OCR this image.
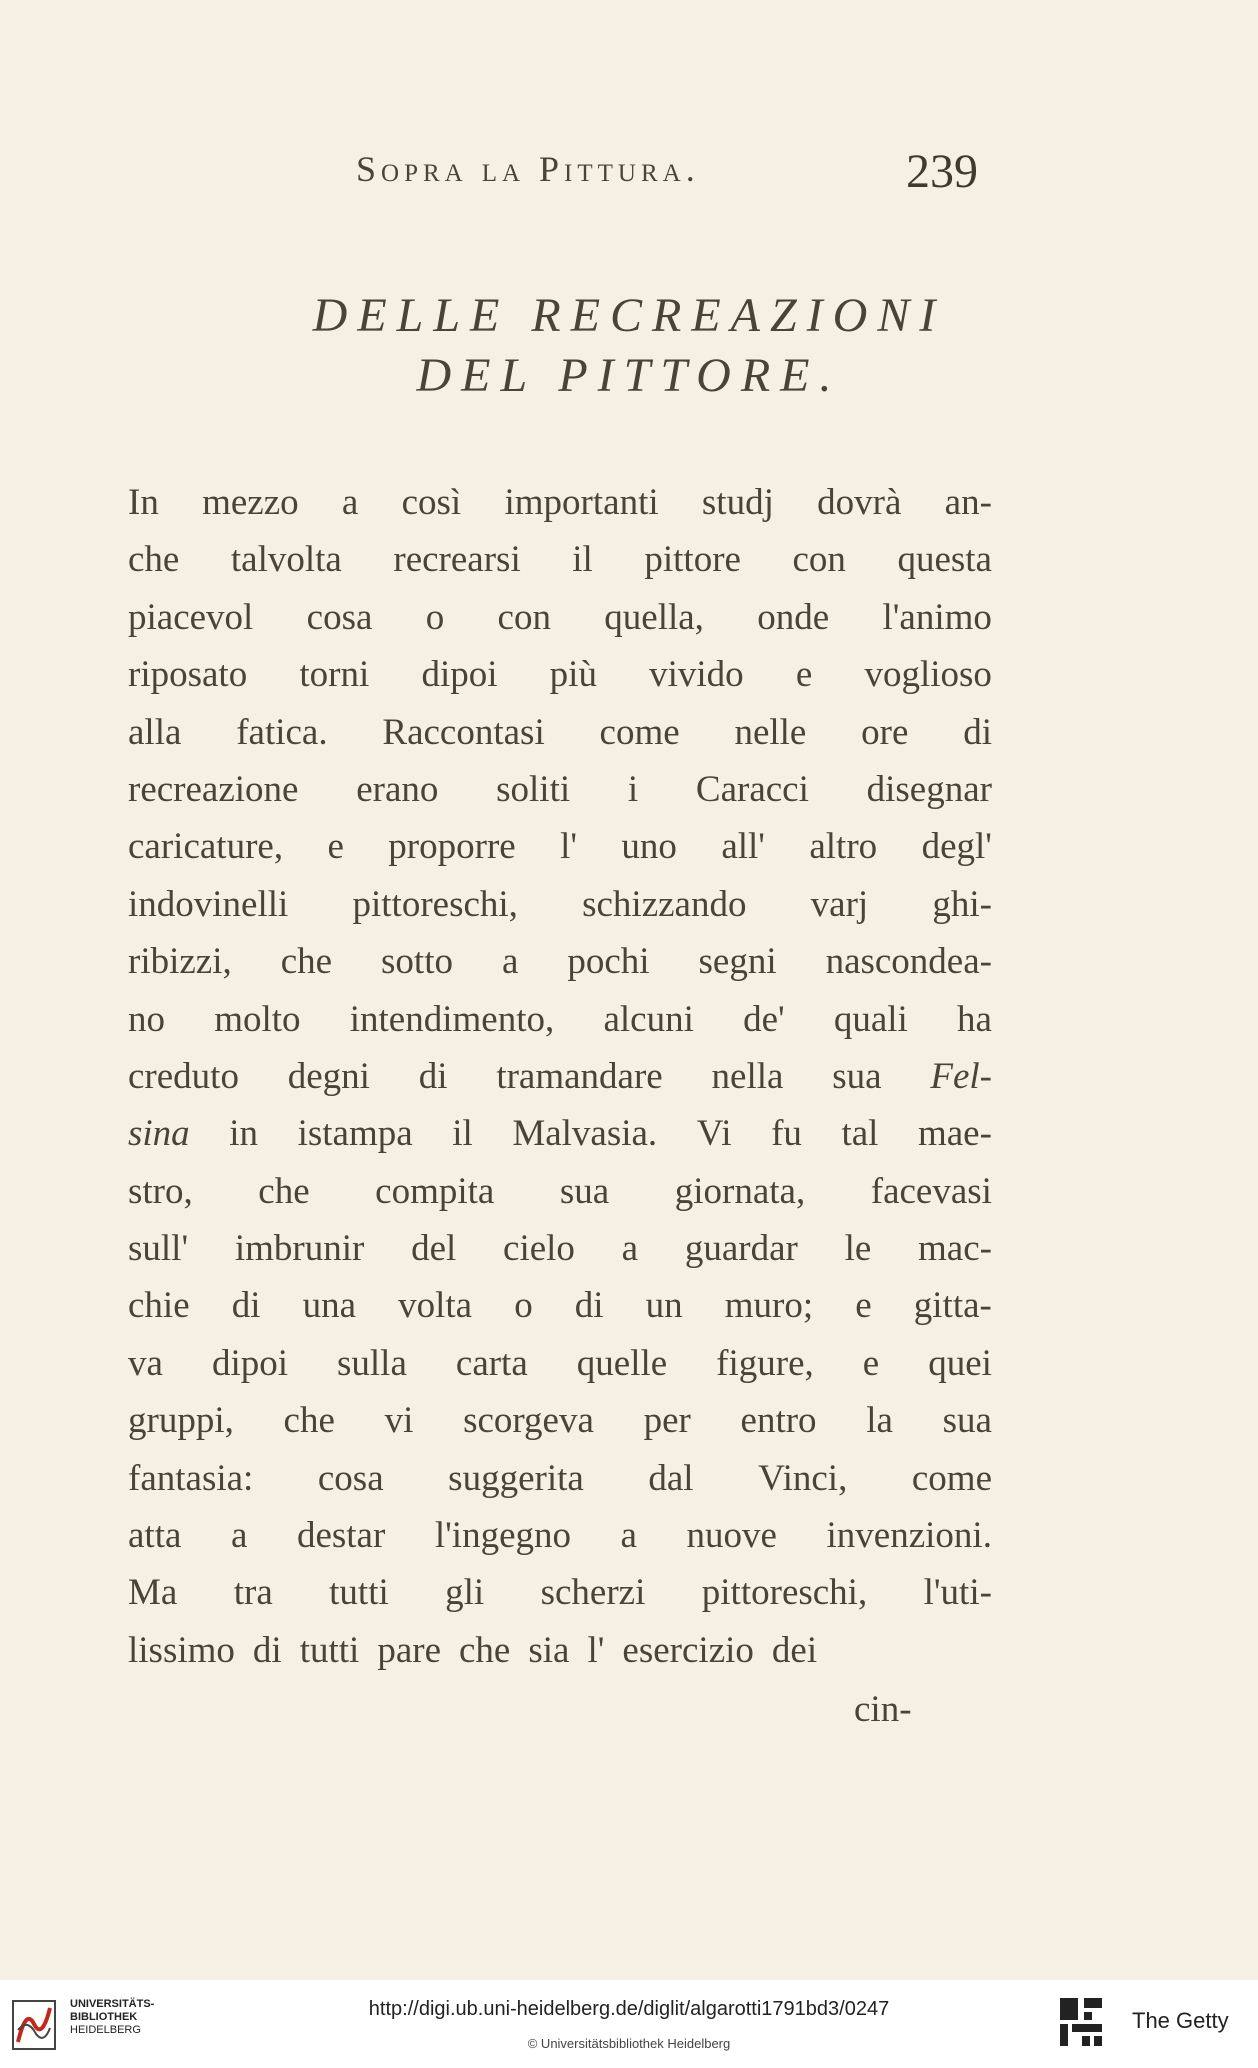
Sopra la Pittura.	239
DELLE RECREAZIONI
DEL PITTORE.
In mezzo a così importanti studj dovrà an-
che talvolta recrearsi il pittore con questa
piacevol cosa o con quella, onde l'animo
riposato torni dipoi più vivido e voglioso
alla fatica. Raccontasi come nelle ore di
recreazione erano soliti i Caracci disegnar
caricature, e proporre l' uno all' altro degl'
indovinelli pittoreschi, schizzando varj ghi-
ribizzi, che sotto a pochi segni nascondea-
no molto intendimento, alcuni de' quali ha
creduto degni di tramandare nella sua Fel-
sina in istampa il Malvasia. Vi fu tal mae-
stro, che compita sua giornata, facevasi
sull' imbrunir del cielo a guardar le mac-
chie di una volta o di un muro; e gitta-
va dipoi sulla carta quelle figure, e quei
gruppi, che vi scorgeva per entro la sua
fantasia: cosa suggerita dal Vinci, come
atta a destar l'ingegno a nuove invenzioni.
Ma tra tutti gli scherzi pittoreschi, l'uti-
lissimo di tutti pare che sia l' esercizio dei
cin-
UNIVERSITÄTS-
BIBLIOTHEK
HEIDELBERG
http://digi.ub.uni-heidelberg.de/diglit/algarotti1791bd3/0247
© Universitätsbibliothek Heidelberg
The Getty
